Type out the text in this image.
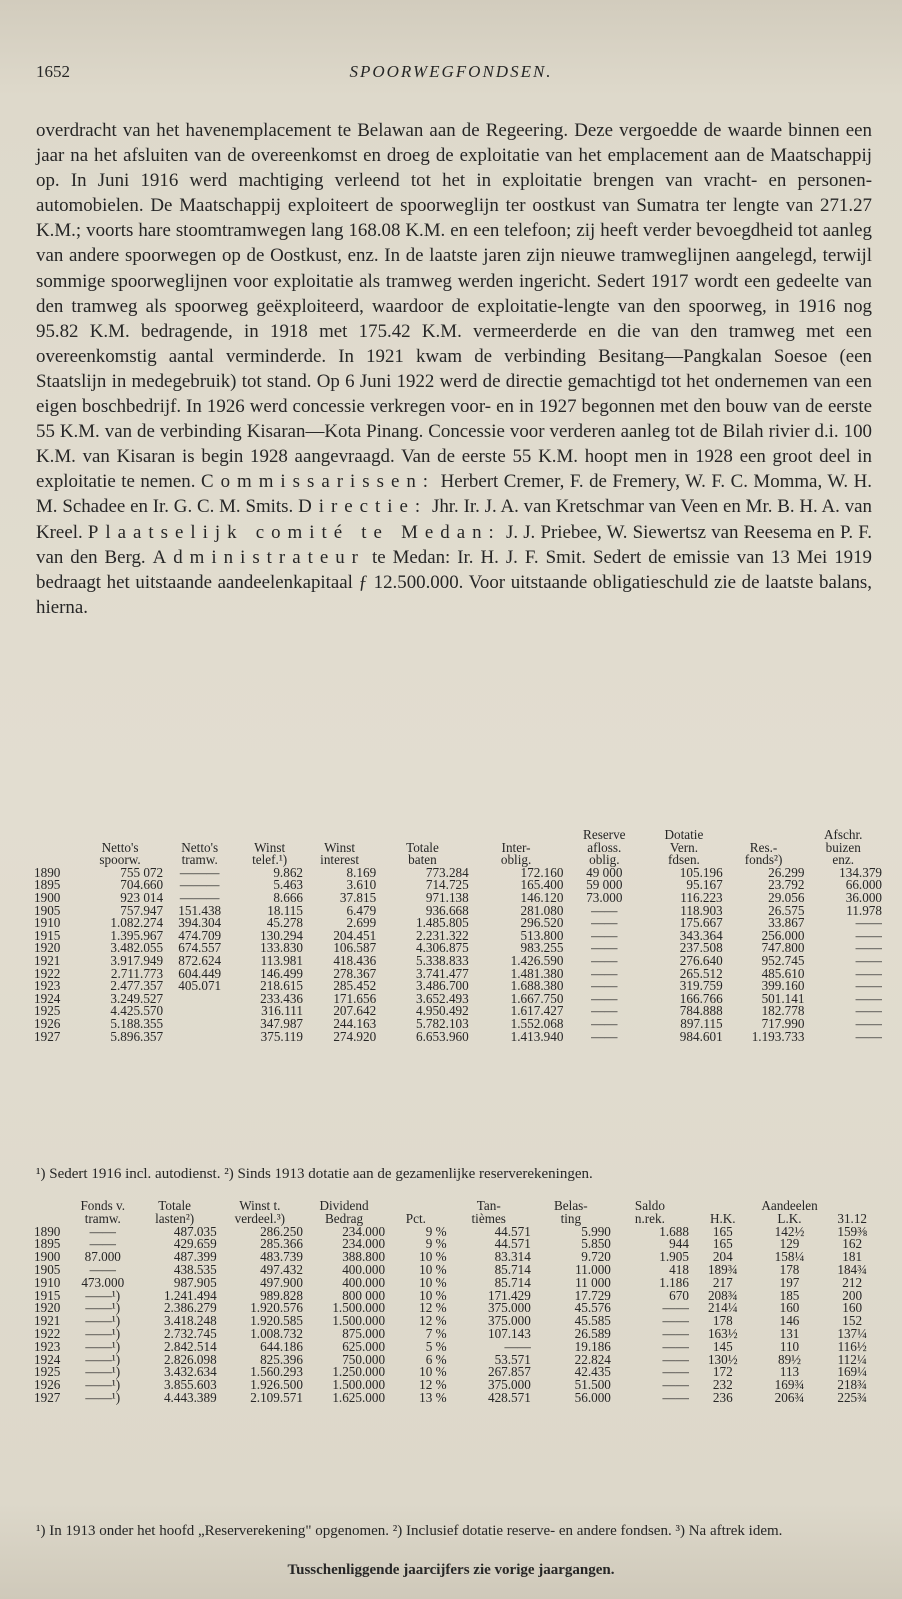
1652	SPOORWEGFONDSEN.

overdracht van het havenemplacement te Belawan aan de Regeering. Deze vergoedde de waarde binnen een jaar na het afsluiten van de overeenkomst en droeg de exploitatie van het emplacement aan de Maatschappij op. In Juni 1916 werd machtiging verleend tot het in exploitatie brengen van vracht- en personen-automobielen. De Maatschappij exploiteert de spoorweglijn ter oostkust van Sumatra ter lengte van 271.27 K.M.; voorts hare stoomtramwegen lang 168.08 K.M. en een telefoon; zij heeft verder bevoegdheid tot aanleg van andere spoorwegen op de Oostkust, enz. In de laatste jaren zijn nieuwe tramweglijnen aangelegd, terwijl sommige spoorweglijnen voor exploitatie als tramweg werden ingericht. Sedert 1917 wordt een gedeelte van den tramweg als spoorweg geëxploiteerd, waardoor de exploitatie-lengte van den spoorweg, in 1916 nog 95.82 K.M. bedragende, in 1918 met 175.42 K.M. vermeerderde en die van den tramweg met een overeenkomstig aantal verminderde. In 1921 kwam de verbinding Besitang—Pangkalan Soesoe (een Staatslijn in medegebruik) tot stand. Op 6 Juni 1922 werd de directie gemachtigd tot het ondernemen van een eigen boschbedrijf. In 1926 werd concessie verkregen voor- en in 1927 begonnen met den bouw van de eerste 55 K.M. van de verbinding Kisaran—Kota Pinang. Concessie voor verderen aanleg tot de Bilah rivier d.i. 100 K.M. van Kisaran is begin 1928 aangevraagd. Van de eerste 55 K.M. hoopt men in 1928 een groot deel in exploitatie te nemen. Commissarissen: Herbert Cremer, F. de Fremery, W. F. C. Momma, W. H. M. Schadee en Ir. G. C. M. Smits. Directie: Jhr. Ir. J. A. van Kretschmar van Veen en Mr. B. H. A. van Kreel. Plaatselijk comité te Medan: J. J. Priebee, W. Siewertsz van Reesema en P. F. van den Berg. Administrateur te Medan: Ir. H. J. F. Smit. Sedert de emissie van 13 Mei 1919 bedraagt het uitstaande aandeelenkapitaal ƒ 12.500.000. Voor uitstaande obligatieschuld zie de laatste balans, hierna.

							Reserve	Dotatie		Afschr.
	Netto's	Netto's	Winst	Winst	Totale	Inter-	afloss.	Vern.	Res.-	buizen
	spoorw.	tramw.	telef.¹)	interest	baten	oblig.	oblig.	fdsen.	fonds²)	enz.
1890	755 072	———	9.862	8.169	773.284	172.160	49 000	105.196	26.299	134.379
1895	704.660	———	5.463	3.610	714.725	165.400	59 000	95.167	23.792	66.000
1900	923 014	———	8.666	37.815	971.138	146.120	73.000	116.223	29.056	36.000
1905	757.947	151.438	18.115	6.479	936.668	281.080	——	118.903	26.575	11.978
1910	1.082.274	394.304	45.278	2.699	1.485.805	296.520	——	175.667	33.867	——
1915	1.395.967	474.709	130.294	204.451	2.231.322	513.800	——	343.364	256.000	——
1920	3.482.055	674.557	133.830	106.587	4.306.875	983.255	——	237.508	747.800	——
1921	3.917.949	872.624	113.981	418.436	5.338.833	1.426.590	——	276.640	952.745	——
1922	2.711.773	604.449	146.499	278.367	3.741.477	1.481.380	——	265.512	485.610	——
1923	2.477.357	405.071	218.615	285.452	3.486.700	1.688.380	——	319.759	399.160	——
1924	3.249.527		233.436	171.656	3.652.493	1.667.750	——	166.766	501.141	——
1925	4.425.570		316.111	207.642	4.950.492	1.617.427	——	784.888	182.778	——
1926	5.188.355		347.987	244.163	5.782.103	1.552.068	——	897.115	717.990	——
1927	5.896.357		375.119	274.920	6.653.960	1.413.940	——	984.601	1.193.733	——
¹) Sedert 1916 incl. autodienst. ²) Sinds 1913 dotatie aan de gezamenlijke reserverekeningen.
	Fonds v.	Totale	Winst t.	Dividend		Tan-	Belas-	Saldo		Aandeelen	
	tramw.	lasten²)	verdeel.³)	Bedrag	Pct.	tièmes	ting	n.rek.	H.K.	L.K.	31.12
1890	——	487.035	286.250	234.000	9 %	44.571	5.990	1.688	165	142½	159⅜
1895	——	429.659	285.366	234.000	9 %	44.571	5.850	944	165	129	162
1900	87.000	487.399	483.739	388.800	10 %	83.314	9.720	1.905	204	158¼	181
1905	——	438.535	497.432	400.000	10 %	85.714	11.000	418	189¾	178	184¾
1910	473.000	987.905	497.900	400.000	10 %	85.714	11 000	1.186	217	197	212
1915	——¹)	1.241.494	989.828	800 000	10 %	171.429	17.729	670	208¾	185	200
1920	——¹)	2.386.279	1.920.576	1.500.000	12 %	375.000	45.576	——	214¼	160	160
1921	——¹)	3.418.248	1.920.585	1.500.000	12 %	375.000	45.585	——	178	146	152
1922	——¹)	2.732.745	1.008.732	875.000	7 %	107.143	26.589	——	163½	131	137¼
1923	——¹)	2.842.514	644.186	625.000	5 %	——	19.186	——	145	110	116½
1924	——¹)	2.826.098	825.396	750.000	6 %	53.571	22.824	——	130½	89½	112¼
1925	——¹)	3.432.634	1.560.293	1.250.000	10 %	267.857	42.435	——	172	113	169¼
1926	——¹)	3.855.603	1.926.500	1.500.000	12 %	375.000	51.500	——	232	169¾	218¾
1927	——¹)	4.443.389	2.109.571	1.625.000	13 %	428.571	56.000	——	236	206¾	225¾
¹) In 1913 onder het hoofd „Reserverekening" opgenomen. ²) Inclusief dotatie reserve- en andere fondsen. ³) Na aftrek idem.
Tusschenliggende jaarcijfers zie vorige jaargangen.
